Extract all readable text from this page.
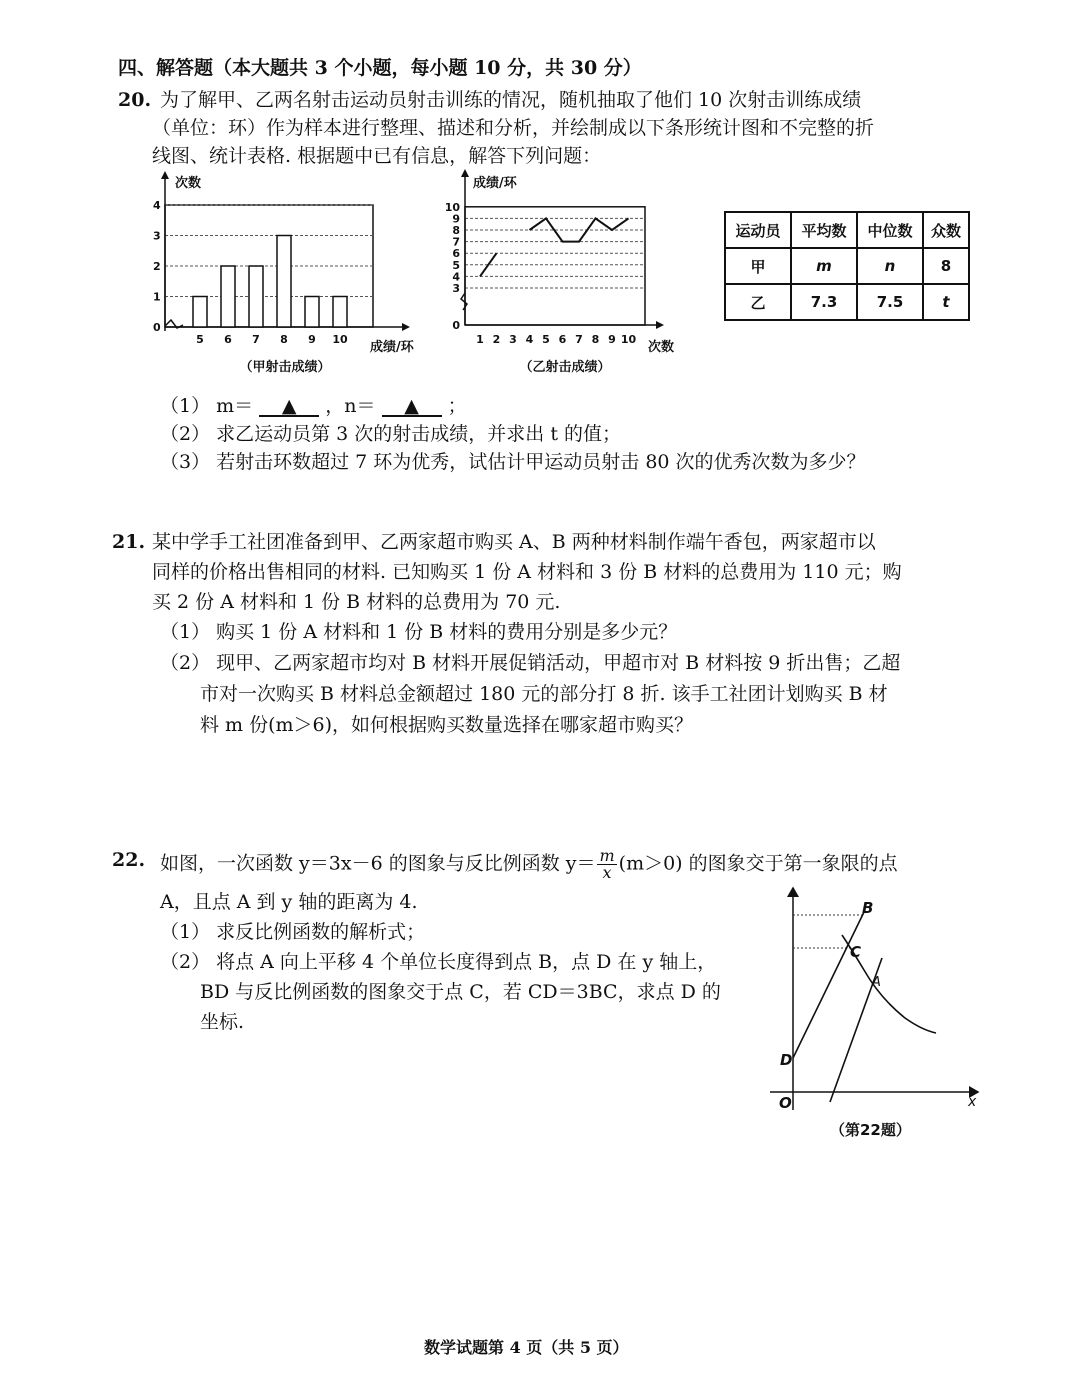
四、解答题（本大题共 3 个小题，每小题 10 分，共 30 分）
20. 为了解甲、乙两名射击运动员射击训练的情况，随机抽取了他们 10 次射击训练成绩
（单位：环）作为样本进行整理、描述和分析，并绘制成以下条形统计图和不完整的折
线图、统计表格. 根据题中已有信息，解答下列问题：
0
1
2
3
4
次数
成绩/环
5 6 7 8 9 10
（甲射击成绩）
0
3
4
5
6
7
8
9
10
成绩/环
次数
1 2 3 4 5 6 7 8 9 10
（乙射击成绩）
运动员	平均数	中位数	众数
甲	m	n	8
乙	7.3	7.5	t
（1） m＝ ▲ ，n＝ ▲ ；
（2） 求乙运动员第 3 次的射击成绩，并求出 t 的值；
（3） 若射击环数超过 7 环为优秀，试估计甲运动员射击 80 次的优秀次数为多少？
21. 某中学手工社团准备到甲、乙两家超市购买 A、B 两种材料制作端午香包，两家超市以
同样的价格出售相同的材料. 已知购买 1 份 A 材料和 3 份 B 材料的总费用为 110 元；购
买 2 份 A 材料和 1 份 B 材料的总费用为 70 元.
（1） 购买 1 份 A 材料和 1 份 B 材料的费用分别是多少元？
（2） 现甲、乙两家超市均对 B 材料开展促销活动，甲超市对 B 材料按 9 折出售；乙超
市对一次购买 B 材料总金额超过 180 元的部分打 8 折. 该手工社团计划购买 B 材
料 m 份(m＞6)，如何根据购买数量选择在哪家超市购买？
22. 如图，一次函数 y＝3x－6 的图象与反比例函数 $y= \frac{m}{x} (m>0)$ 的图象交于第一象限的点
A，且点 A 到 y 轴的距离为 4.
（1） 求反比例函数的解析式；
（2） 将点 A 向上平移 4 个单位长度得到点 B，点 D 在 y 轴上，
BD 与反比例函数的图象交于点 C，若 CD＝3BC，求点 D 的
坐标.
B
C
A
D
O	x
（第22题）
数学试题第 4 页（共 5 页）
